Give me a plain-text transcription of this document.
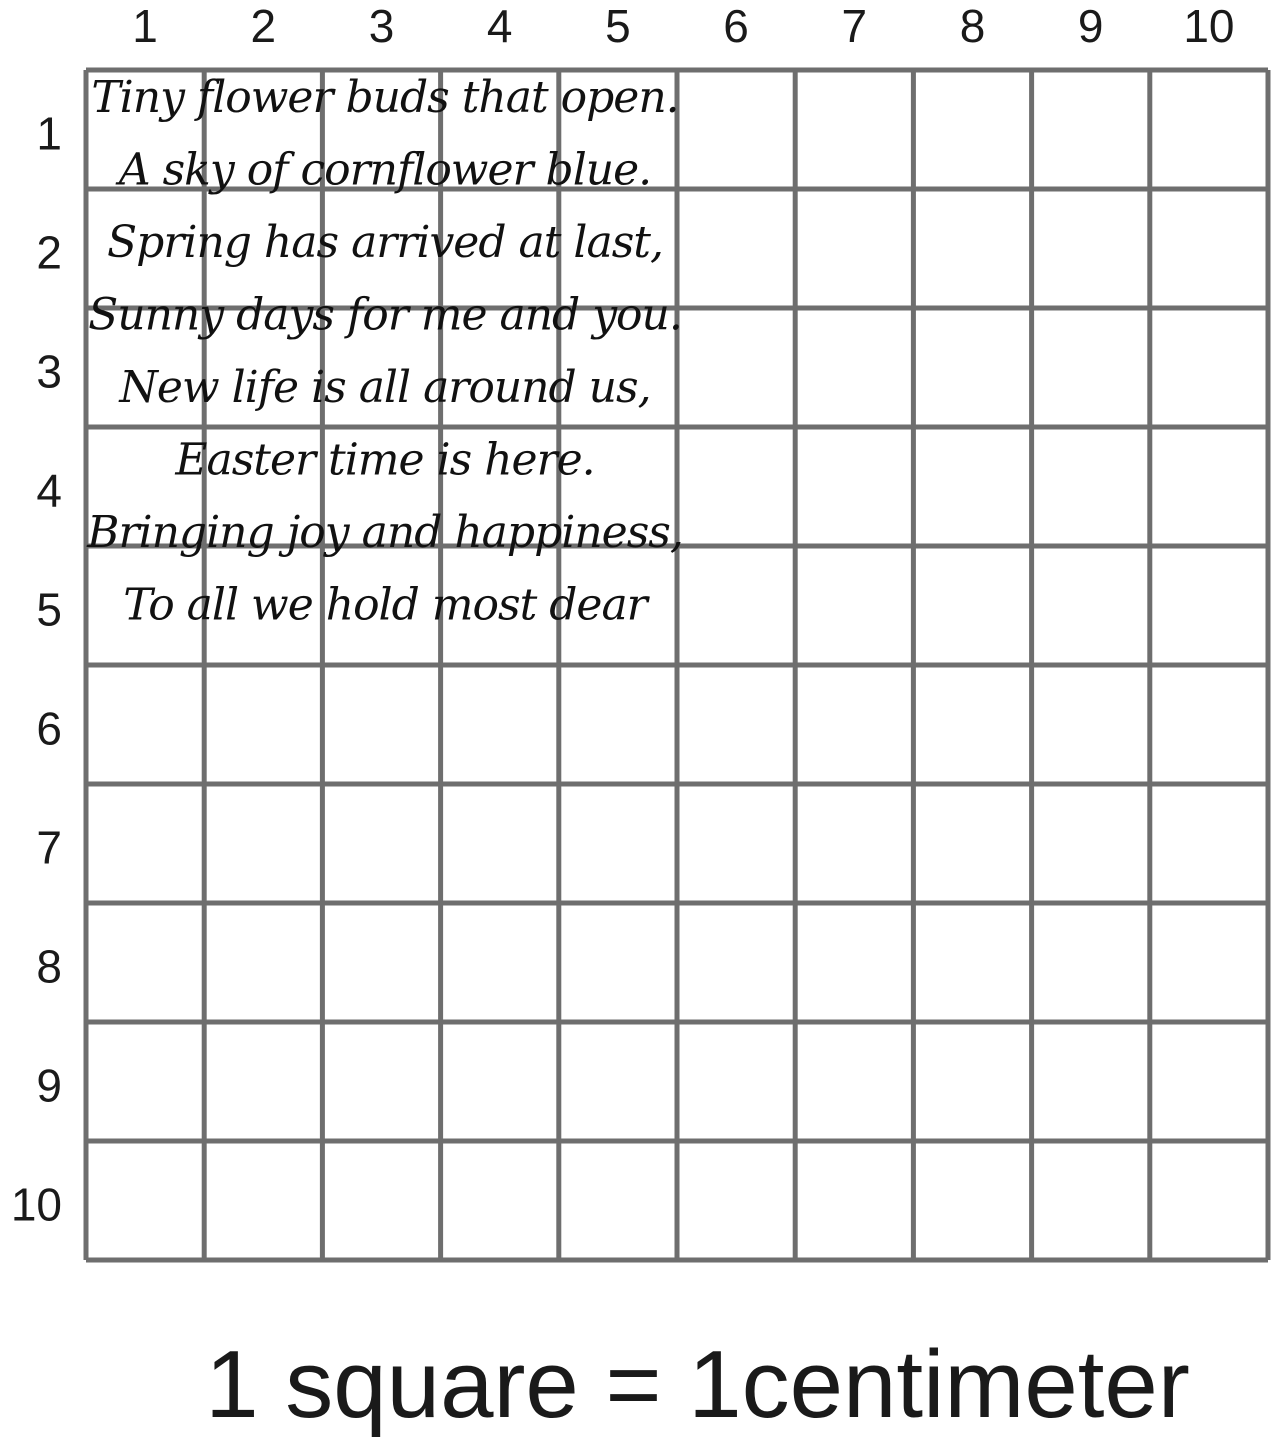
1 2 3 4 5 6 7 8 9 10
1
2
3
4
5
6
7
8
9
10
Tiny flower buds that open.
A sky of cornflower blue.
Spring has arrived at last,
Sunny days for me and you.
New life is all around us,
Easter time is here.
Bringing joy and happiness,
To all we hold most dear
1 square = 1centimeter
